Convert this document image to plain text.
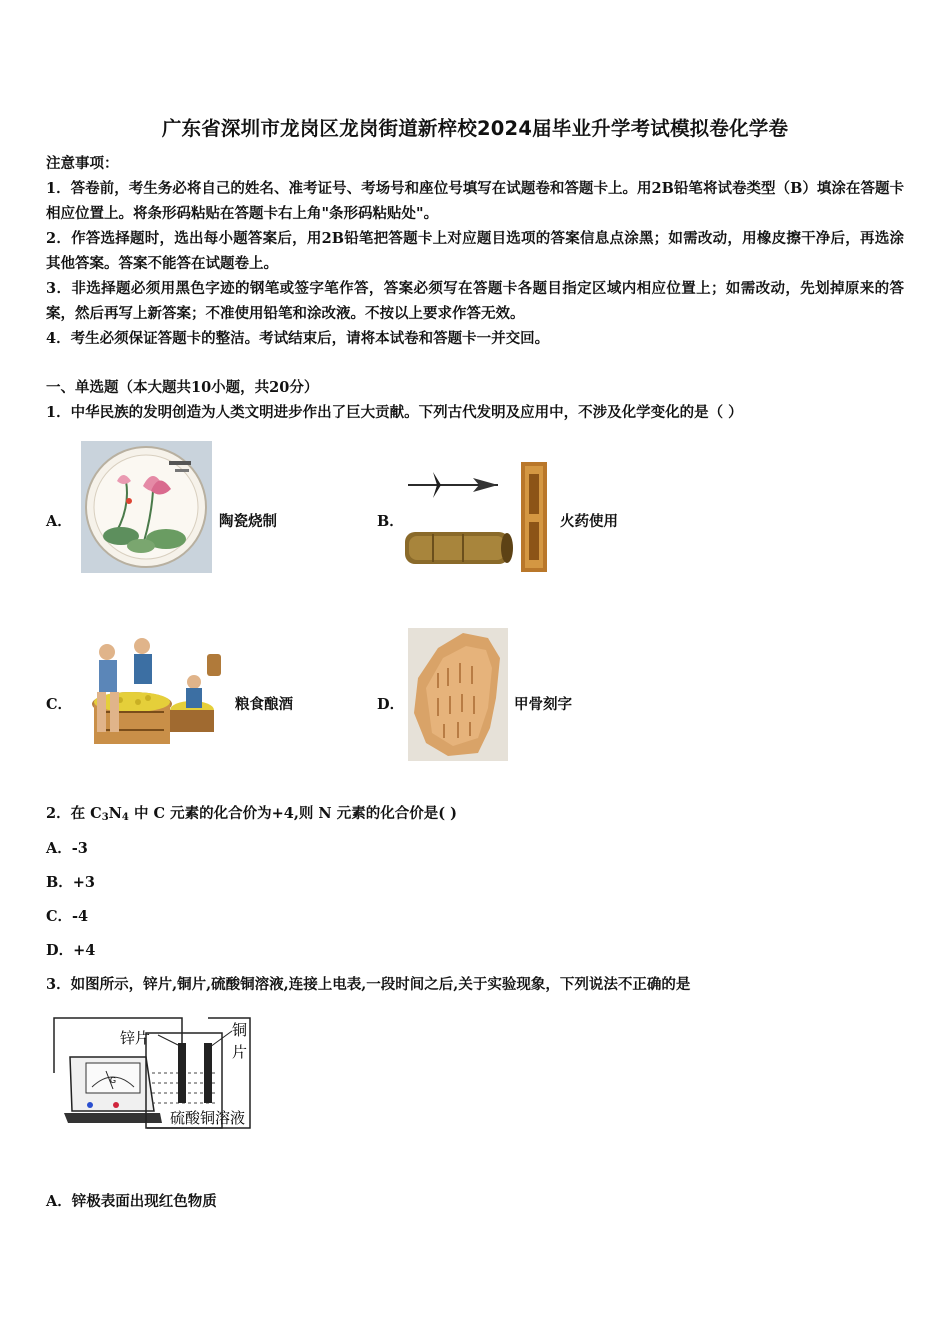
广东省深圳市龙岗区龙岗街道新梓校2024届毕业升学考试模拟卷化学卷
注意事项：

1．答卷前，考生务必将自己的姓名、准考证号、考场号和座位号填写在试题卷和答题卡上。用2B铅笔将试卷类型（B）填涂在答题卡相应位置上。将条形码粘贴在答题卡右上角"条形码粘贴处"。

2．作答选择题时，选出每小题答案后，用2B铅笔把答题卡上对应题目选项的答案信息点涂黑；如需改动，用橡皮擦干净后，再选涂其他答案。答案不能答在试题卷上。

3．非选择题必须用黑色字迹的钢笔或签字笔作答，答案必须写在答题卡各题目指定区域内相应位置上；如需改动，先划掉原来的答案，然后再写上新答案；不准使用铅笔和涂改液。不按以上要求作答无效。

4．考生必须保证答题卡的整洁。考试结束后，请将本试卷和答题卡一并交回。

一、单选题（本大题共10小题，共20分）
1．中华民族的发明创造为人类文明进步作出了巨大贡献。下列古代发明及应用中，不涉及化学变化的是（ ）
A．	陶瓷烧制	B．	火药使用
C．	粮食酿酒	D．	甲骨刻字
2．在 $C_3N_4$ 中 C 元素的化合价为+4,则 N 元素的化合价是( )
A．-3
B．+3
C．-4
D．+4
3．如图所示，锌片,铜片,硫酸铜溶液,连接上电表,一段时间之后,关于实验现象，下列说法不正确的是
G
锌片	铜
片
硫酸铜溶液
A．锌极表面出现红色物质
